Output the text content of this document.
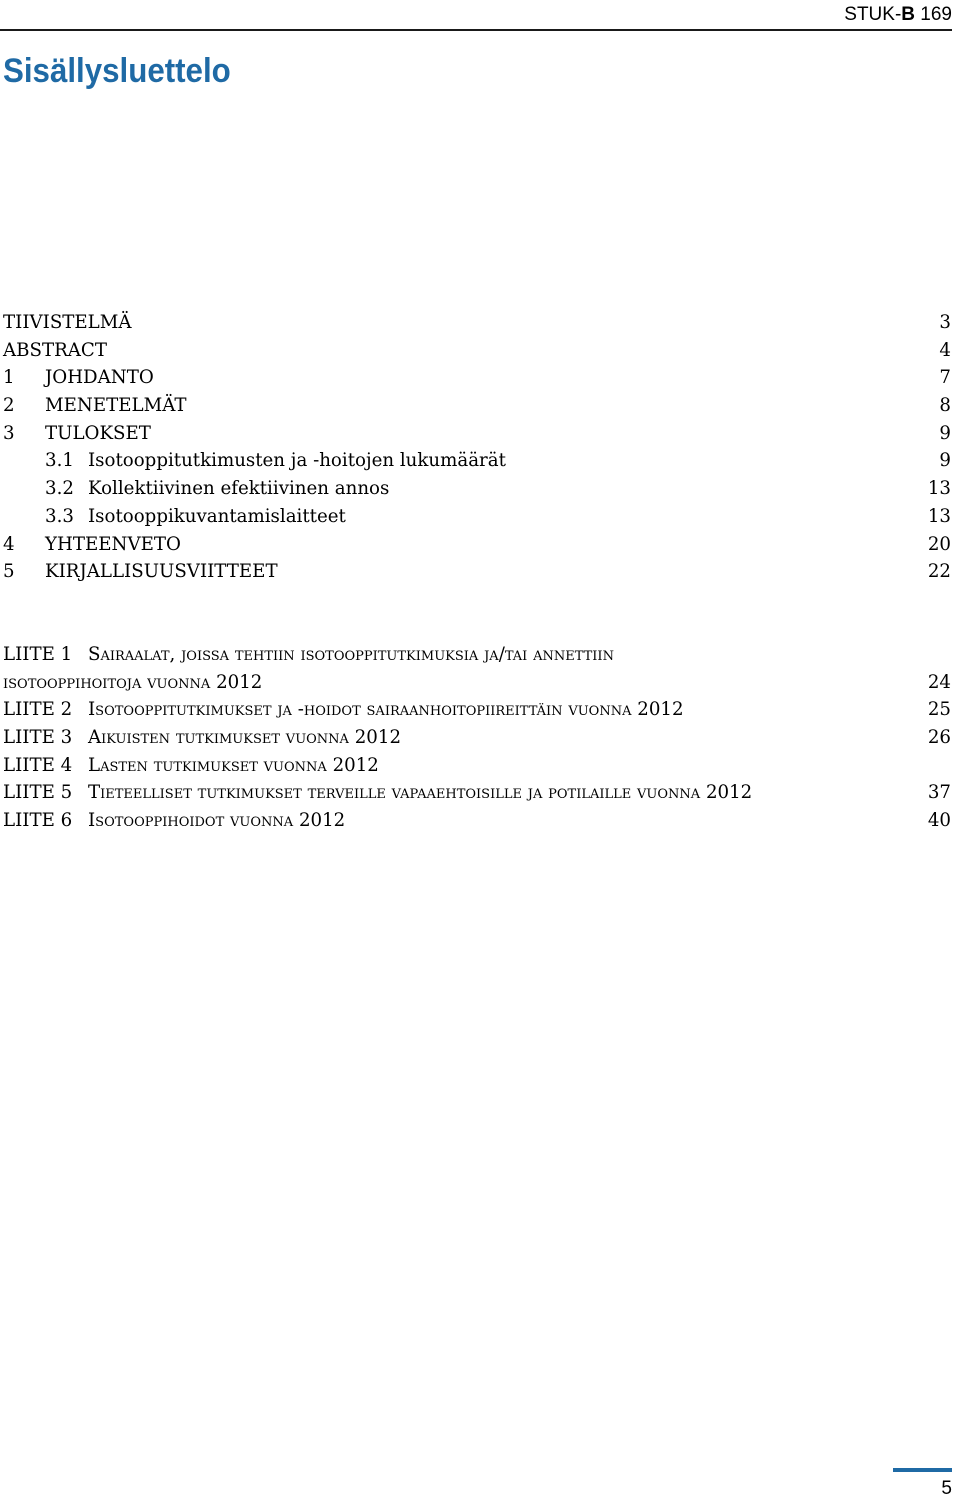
STUK-B 169
Sisällysluettelo
TIIVISTELMÄ	3
ABSTRACT	4
1 JOHDANTO	7
2 MENETELMÄT	8
3 TULOKSET	9
3.1 Isotooppitutkimusten ja -hoitojen lukumäärät	9
3.2 Kollektiivinen efektiivinen annos	13
3.3 Isotooppikuvantamislaitteet	13
4 YHTEENVETO	20
5 KIRJALLISUUSVIITTEET	22
LIITE 1 Sairaalat, joissa tehtiin isotooppitutkimuksia ja/tai annettiin
isotooppihoitoja vuonna 2012	24
LIITE 2 Isotooppitutkimukset ja -hoidot sairaanhoitopiireittäin vuonna 2012	25
LIITE 3 Aikuisten tutkimukset vuonna 2012	26
LIITE 4 Lasten tutkimukset vuonna 2012
LIITE 5 Tieteelliset tutkimukset terveille vapaaehtoisille ja potilaille vuonna 2012	37
LIITE 6 Isotooppihoidot vuonna 2012	40
5
